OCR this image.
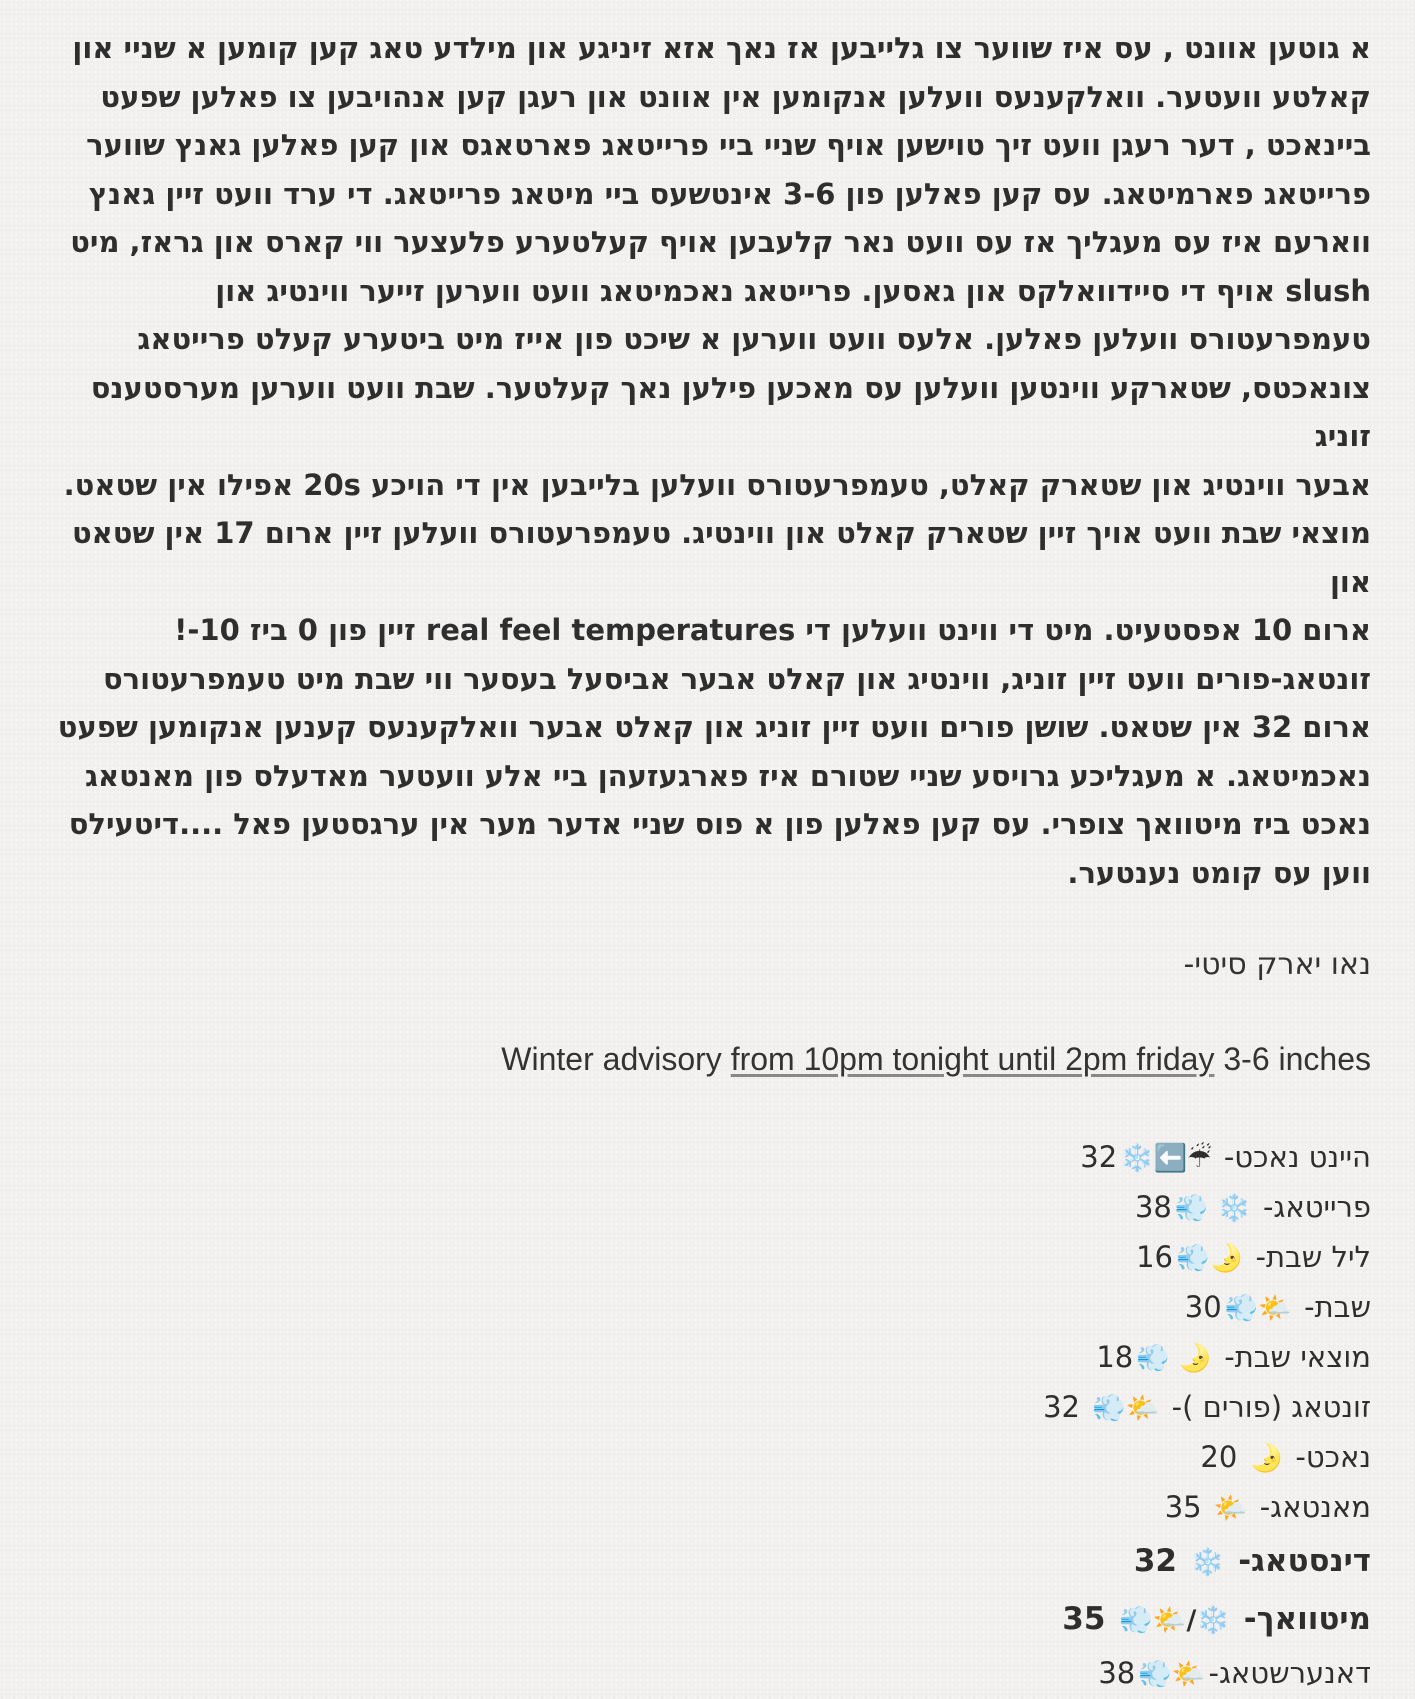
א גוטען אוונט , עס איז שווער צו גלייבען אז נאך אזא זיניגע און מילדע טאג קען קומען א שניי און
קאלטע וועטער. וואלקענעס וועלען אנקומען אין אוונט און רעגן קען אנהויבען צו פאלען שפעט
ביינאכט , דער רעגן וועט זיך טוישען אויף שניי ביי פרייטאג פארטאגס און קען פאלען גאנץ שווער
פרייטאג פארמיטאג. עס קען פאלען פון 3-6 אינטשעס ביי מיטאג פרייטאג. די ערד וועט זיין גאנץ
ווארעם איז עס מעגליך אז עס וועט נאר קלעבען אויף קעלטערע פלעצער ווי קארס און גראז, מיט
slush אויף די סיידוואלקס און גאסען. פרייטאג נאכמיטאג וועט ווערען זייער ווינטיג און
טעמפרעטורס וועלען פאלען. אלעס וועט ווערען א שיכט פון אייז מיט ביטערע קעלט פרייטאג
צונאכטס, שטארקע ווינטען וועלען עס מאכען פילען נאך קעלטער. שבת וועט ווערען מערסטענס זוניג
אבער ווינטיג און שטארק קאלט, טעמפרעטורס וועלען בלייבען אין די הויכע 20s אפילו אין שטאט.
מוצאי שבת וועט אויך זיין שטארק קאלט און ווינטיג. טעמפרעטורס וועלען זיין ארום 17 אין שטאט און
ארום 10 אפסטעיט. מיט די ווינט וועלען די real feel temperatures זיין פון 0 ביז 10-!
זונטאג-פורים וועט זיין זוניג, ווינטיג און קאלט אבער אביסעל בעסער ווי שבת מיט טעמפרעטורס
ארום 32 אין שטאט. שושן פורים וועט זיין זוניג און קאלט אבער וואלקענעס קענען אנקומען שפעט
נאכמיטאג. א מעגליכע גרויסע שניי שטורם איז פארגעזעהן ביי אלע וועטער מאדעלס פון מאנטאג
נאכט ביז מיטוואך צופרי. עס קען פאלען פון א פוס שניי אדער מער אין ערגסטען פאל ....דיטעילס
ווען עס קומט נענטער.
נאו יארק סיטי-
Winter advisory from 10pm tonight until 2pm friday 3-6 inches
היינט נאכט- ☔⬅️❄️32
פרייטאג- ❄️ 💨38
ליל שבת- 🌛💨16
שבת- 🌤️💨30
מוצאי שבת- 🌛 💨18
זונטאג (פורים )- 🌤️💨 32
נאכט- 🌛 20
מאנטאג- 🌤️ 35
דינסטאג- ❄️ 32
מיטוואך- ❄️/🌤️💨 35
דאנערשטאג-🌤️💨38
